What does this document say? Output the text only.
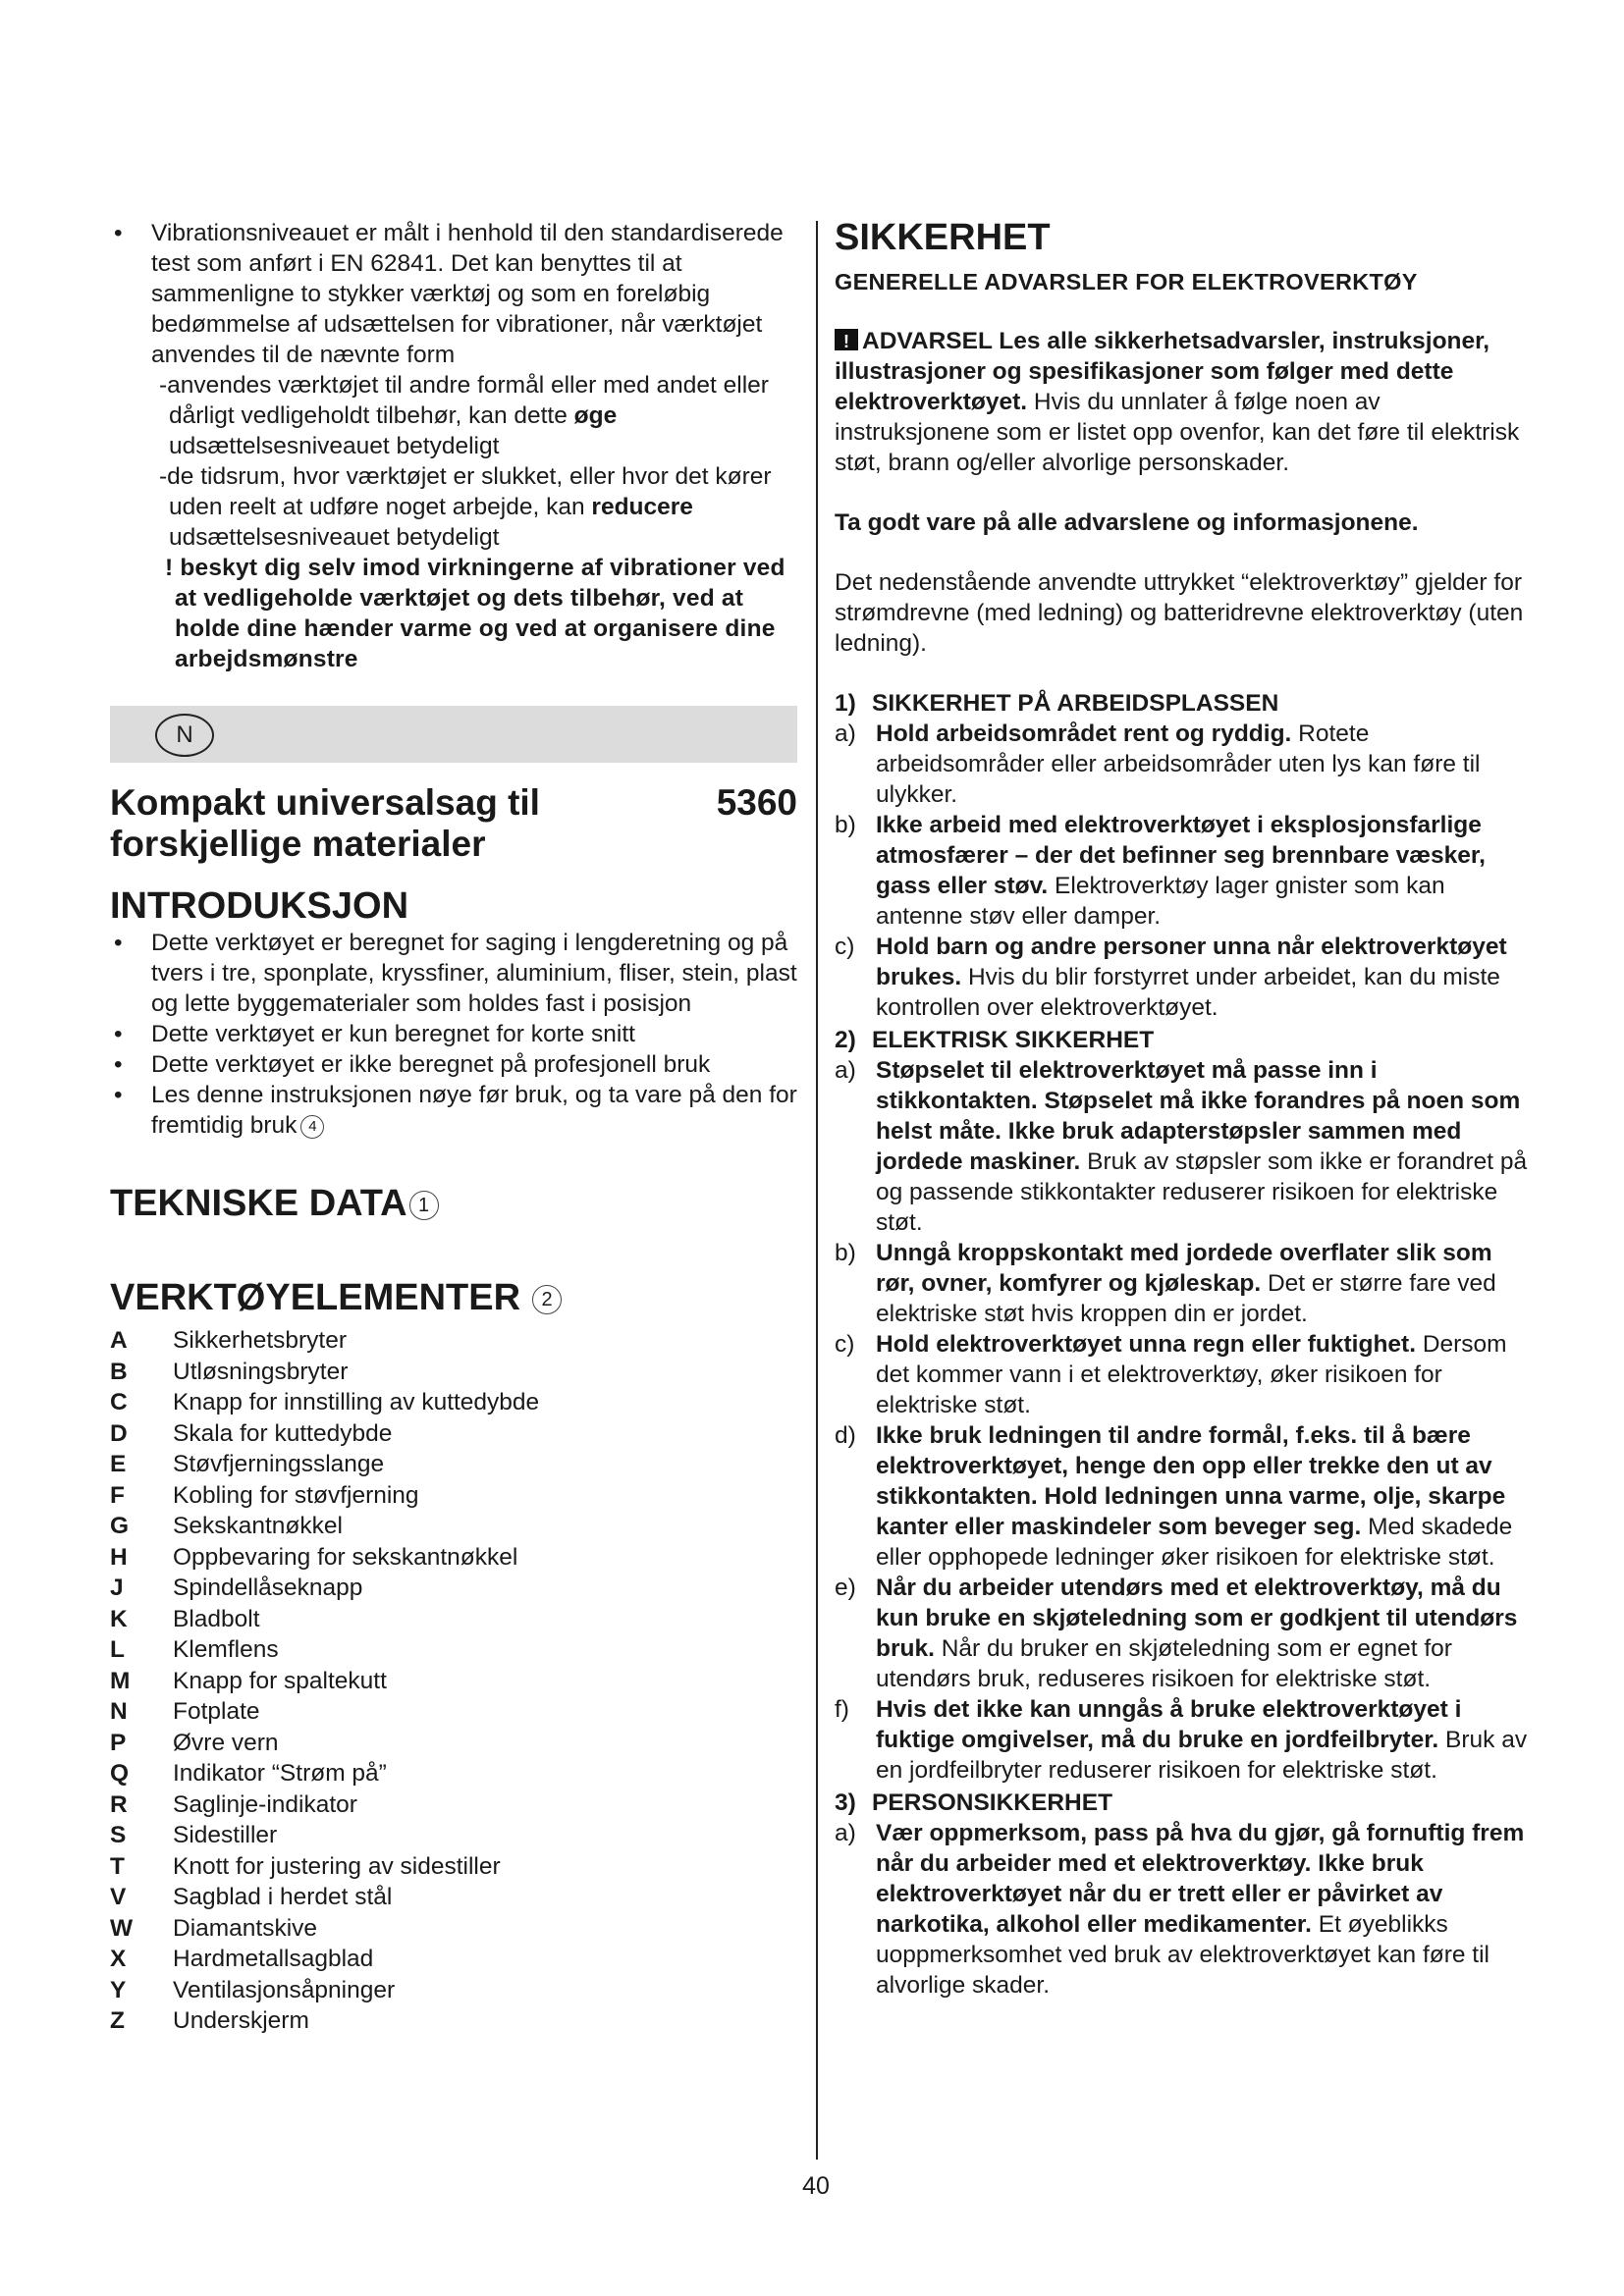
• Vibrationsniveauet er målt i henhold til den standardiserede test som anført i EN 62841. Det kan benyttes til at sammenligne to stykker værktøj og som en foreløbig bedømmelse af udsættelsen for vibrationer, når værktøjet anvendes til de nævnte form
-anvendes værktøjet til andre formål eller med andet eller dårligt vedligeholdt tilbehør, kan dette øge udsættelsesniveauet betydeligt
-de tidsrum, hvor værktøjet er slukket, eller hvor det kører uden reelt at udføre noget arbejde, kan reducere udsættelsesniveauet betydeligt
! beskyt dig selv imod virkningerne af vibrationer ved at vedligeholde værktøjet og dets tilbehør, ved at holde dine hænder varme og ved at organisere dine arbejdsmønstre
N
Kompakt universalsag til forskjellige materialer
5360
INTRODUKSJON
• Dette verktøyet er beregnet for saging i lengderetning og på tvers i tre, sponplate, kryssfiner, aluminium, fliser, stein, plast og lette byggematerialer som holdes fast i posisjon
• Dette verktøyet er kun beregnet for korte snitt
• Dette verktøyet er ikke beregnet på profesjonell bruk
• Les denne instruksjonen nøye før bruk, og ta vare på den for fremtidig bruk 4
TEKNISKE DATA 1
VERKTØYELEMENTER 2
A	Sikkerhetsbryter
B	Utløsningsbryter
C	Knapp for innstilling av kuttedybde
D	Skala for kuttedybde
E	Støvfjerningsslange
F	Kobling for støvfjerning
G	Sekskantnøkkel
H	Oppbevaring for sekskantnøkkel
J	Spindellåseknapp
K	Bladbolt
L	Klemflens
M	Knapp for spaltekutt
N	Fotplate
P	Øvre vern
Q	Indikator “Strøm på”
R	Saglinje-indikator
S	Sidestiller
T	Knott for justering av sidestiller
V	Sagblad i herdet stål
W	Diamantskive
X	Hardmetallsagblad
Y	Ventilasjonsåpninger
Z	Underskjerm
SIKKERHET
GENERELLE ADVARSLER FOR ELEKTROVERKTØY

!ADVARSEL Les alle sikkerhetsadvarsler, instruksjoner, illustrasjoner og spesifikasjoner som følger med dette elektroverktøyet. Hvis du unnlater å følge noen av instruksjonene som er listet opp ovenfor, kan det føre til elektrisk støt, brann og/eller alvorlige personskader.

Ta godt vare på alle advarslene og informasjonene.

Det nedenstående anvendte uttrykket “elektroverktøy” gjelder for strømdrevne (med ledning) og batteridrevne elektroverktøy (uten ledning).

1) SIKKERHET PÅ ARBEIDSPLASSEN
a) Hold arbeidsområdet rent og ryddig. Rotete arbeidsområder eller arbeidsområder uten lys kan føre til ulykker.
b) Ikke arbeid med elektroverktøyet i eksplosjonsfarlige atmosfærer – der det befinner seg brennbare væsker, gass eller støv. Elektroverktøy lager gnister som kan antenne støv eller damper.
c) Hold barn og andre personer unna når elektroverktøyet brukes. Hvis du blir forstyrret under arbeidet, kan du miste kontrollen over elektroverktøyet.
2) ELEKTRISK SIKKERHET
a) Støpselet til elektroverktøyet må passe inn i stikkontakten. Støpselet må ikke forandres på noen som helst måte. Ikke bruk adapterstøpsler sammen med jordede maskiner. Bruk av støpsler som ikke er forandret på og passende stikkontakter reduserer risikoen for elektriske støt.
b) Unngå kroppskontakt med jordede overflater slik som rør, ovner, komfyrer og kjøleskap. Det er større fare ved elektriske støt hvis kroppen din er jordet.
c) Hold elektroverktøyet unna regn eller fuktighet. Dersom det kommer vann i et elektroverktøy, øker risikoen for elektriske støt.
d) Ikke bruk ledningen til andre formål, f.eks. til å bære elektroverktøyet, henge den opp eller trekke den ut av stikkontakten. Hold ledningen unna varme, olje, skarpe kanter eller maskindeler som beveger seg. Med skadede eller opphopede ledninger øker risikoen for elektriske støt.
e) Når du arbeider utendørs med et elektroverktøy, må du kun bruke en skjøteledning som er godkjent til utendørs bruk. Når du bruker en skjøteledning som er egnet for utendørs bruk, reduseres risikoen for elektriske støt.
f) Hvis det ikke kan unngås å bruke elektroverktøyet i fuktige omgivelser, må du bruke en jordfeilbryter. Bruk av en jordfeilbryter reduserer risikoen for elektriske støt.
3) PERSONSIKKERHET
a) Vær oppmerksom, pass på hva du gjør, gå fornuftig frem når du arbeider med et elektroverktøy. Ikke bruk elektroverktøyet når du er trett eller er påvirket av narkotika, alkohol eller medikamenter. Et øyeblikks uoppmerksomhet ved bruk av elektroverktøyet kan føre til alvorlige skader.
40
